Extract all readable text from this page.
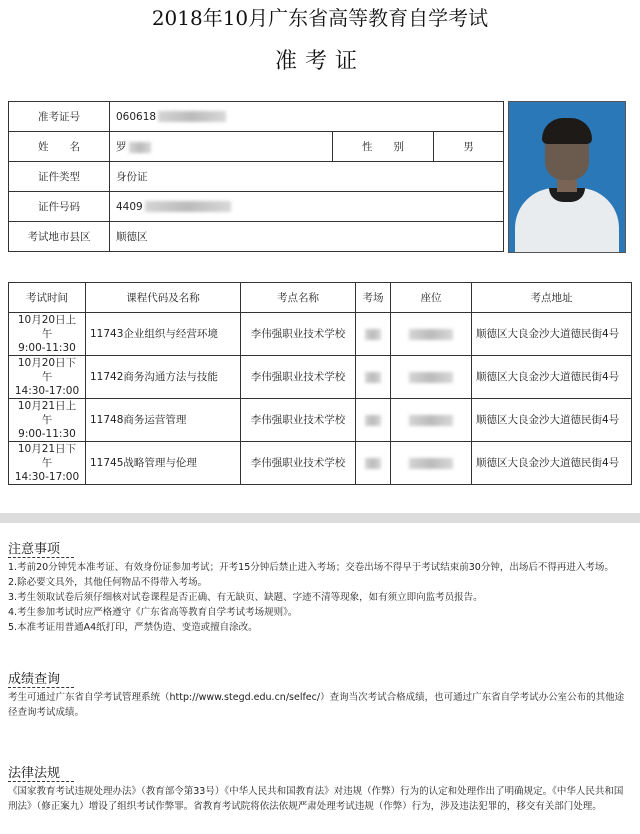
2018年10月广东省高等教育自学考试
准考证
准考证号	060618		
姓　　名	罗	性　　别	男
证件类型	身份证		
证件号码	4409		
考试地市县区	顺德区		
考试时间	课程代码及名称	考点名称	考场	座位	考点地址
10月20日上午
9:00-11:30	11743企业组织与经营环境	李伟强职业技术学校			顺德区大良金沙大道德民街4号
10月20日下午
14:30-17:00	11742商务沟通方法与技能	李伟强职业技术学校			顺德区大良金沙大道德民街4号
10月21日上午
9:00-11:30	11748商务运营管理	李伟强职业技术学校			顺德区大良金沙大道德民街4号
10月21日下午
14:30-17:00	11745战略管理与伦理	李伟强职业技术学校			顺德区大良金沙大道德民街4号
注意事项

1.考前20分钟凭本准考证、有效身份证参加考试；开考15分钟后禁止进入考场；交卷出场不得早于考试结束前30分钟，出场后不得再进入考场。

2.除必要文具外，其他任何物品不得带入考场。

3.考生领取试卷后须仔细核对试卷课程是否正确、有无缺页、缺题、字迹不清等现象，如有须立即向监考员报告。

4.考生参加考试时应严格遵守《广东省高等教育自学考试考场规则》。

5.本准考证用普通A4纸打印，严禁伪造、变造或擅自涂改。

成绩查询
考生可通过广东省自学考试管理系统（http://www.stegd.edu.cn/selfec/）查询当次考试合格成绩，也可通过广东省自学考试办公室公布的其他途径查询考试成绩。
法律法规
《国家教育考试违规处理办法》（教育部令第33号）《中华人民共和国教育法》对违规（作弊）行为的认定和处理作出了明确规定。《中华人民共和国刑法》（修正案九）增设了组织考试作弊罪。省教育考试院将依法依规严肃处理考试违规（作弊）行为，涉及违法犯罪的，移交有关部门处理。
